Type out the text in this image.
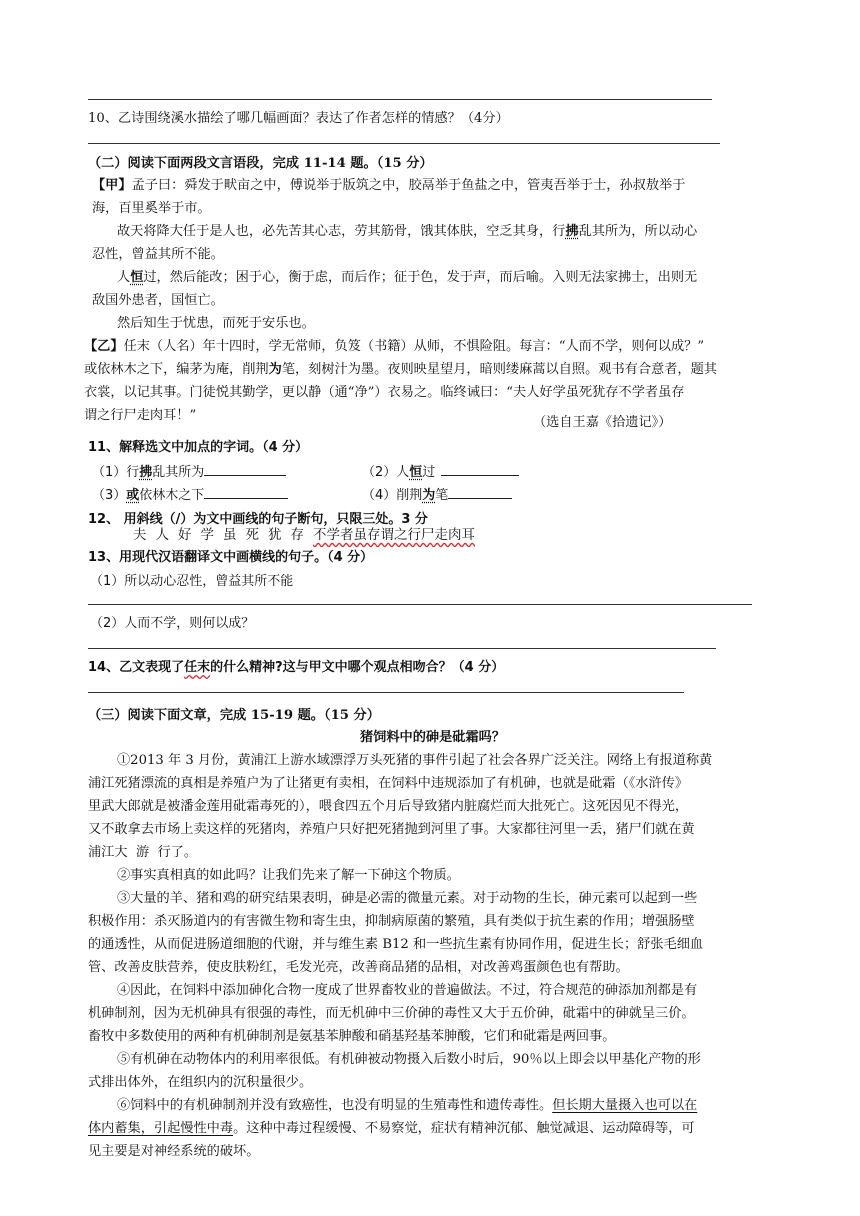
10、乙诗围绕溪水描绘了哪几幅画面？表达了作者怎样的情感？（4分）
（二）阅读下面两段文言语段，完成 11-14 题。（15 分）
【甲】孟子曰：舜发于畎亩之中，傅说举于版筑之中，胶鬲举于鱼盐之中，管夷吾举于士，孙叔敖举于
海，百里奚举于市。
故天将降大任于是人也，必先苦其心志，劳其筋骨，饿其体肤，空乏其身，行拂乱其所为，所以动心
忍性，曾益其所不能。
人恒过，然后能改；困于心，衡于虑，而后作；征于色，发于声，而后喻。入则无法家拂士，出则无
敌国外患者，国恒亡。
然后知生于忧患，而死于安乐也。
【乙】任末（人名）年十四时，学无常师，负笈（书籍）从师，不惧险阻。每言：“人而不学，则何以成？”
或依林木之下，编茅为庵，削荆为笔，刻树汁为墨。夜则映星望月，暗则缕麻蒿以自照。观书有合意者，题其
衣裳，以记其事。门徒悦其勤学，更以静（通“净”）衣易之。临终诫曰：“夫人好学虽死犹存不学者虽存
谓之行尸走肉耳！”	（选自王嘉《拾遗记》）
11、解释选文中加点的字词。（4 分）
（1）行拂乱其所为	（2）人恒过
（3）或依林木之下	（4）削荆为笔
12、 用斜线（/）为文中画线的句子断句，只限三处。3 分
夫人好学虽死犹存不学者虽存谓之行尸走肉耳
13、用现代汉语翻译文中画横线的句子。（4 分）
（1）所以动心忍性，曾益其所不能
（2）人而不学，则何以成？
14、乙文表现了任末的什么精神?这与甲文中哪个观点相吻合？（4 分）
（三）阅读下面文章，完成 15-19 题。（15 分）
猪饲料中的砷是砒霜吗？
①2013 年 3 月份，黄浦江上游水域漂浮万头死猪的事件引起了社会各界广泛关注。网络上有报道称黄
浦江死猪漂流的真相是养殖户为了让猪更有卖相，在饲料中违规添加了有机砷，也就是砒霜（《水浒传》
里武大郎就是被潘金莲用砒霜毒死的），喂食四五个月后导致猪内脏腐烂而大批死亡。这死因见不得光，
又不敢拿去市场上卖这样的死猪肉，养殖户只好把死猪抛到河里了事。大家都往河里一丢，猪尸们就在黄
浦江大  游  行了。
②事实真相真的如此吗？让我们先来了解一下砷这个物质。
③大量的羊、猪和鸡的研究结果表明，砷是必需的微量元素。对于动物的生长，砷元素可以起到一些
积极作用：杀灭肠道内的有害微生物和寄生虫，抑制病原菌的繁殖，具有类似于抗生素的作用；增强肠壁
的通透性，从而促进肠道细胞的代谢，并与维生素 B12 和一些抗生素有协同作用，促进生长；舒张毛细血
管、改善皮肤营养，使皮肤粉红，毛发光亮，改善商品猪的品相，对改善鸡蛋颜色也有帮助。
④因此，在饲料中添加砷化合物一度成了世界畜牧业的普遍做法。不过，符合规范的砷添加剂都是有
机砷制剂，因为无机砷具有很强的毒性，而无机砷中三价砷的毒性又大于五价砷，砒霜中的砷就呈三价。
畜牧中多数使用的两种有机砷制剂是氨基苯胂酸和硝基羟基苯胂酸，它们和砒霜是两回事。
⑤有机砷在动物体内的利用率很低。有机砷被动物摄入后数小时后，90％以上即会以甲基化产物的形
式排出体外，在组织内的沉积量很少。
⑥饲料中的有机砷制剂并没有致癌性，也没有明显的生殖毒性和遗传毒性。但长期大量摄入也可以在
体内蓄集，引起慢性中毒。这种中毒过程缓慢、不易察觉，症状有精神沉郁、触觉减退、运动障碍等，可
见主要是对神经系统的破坏。
